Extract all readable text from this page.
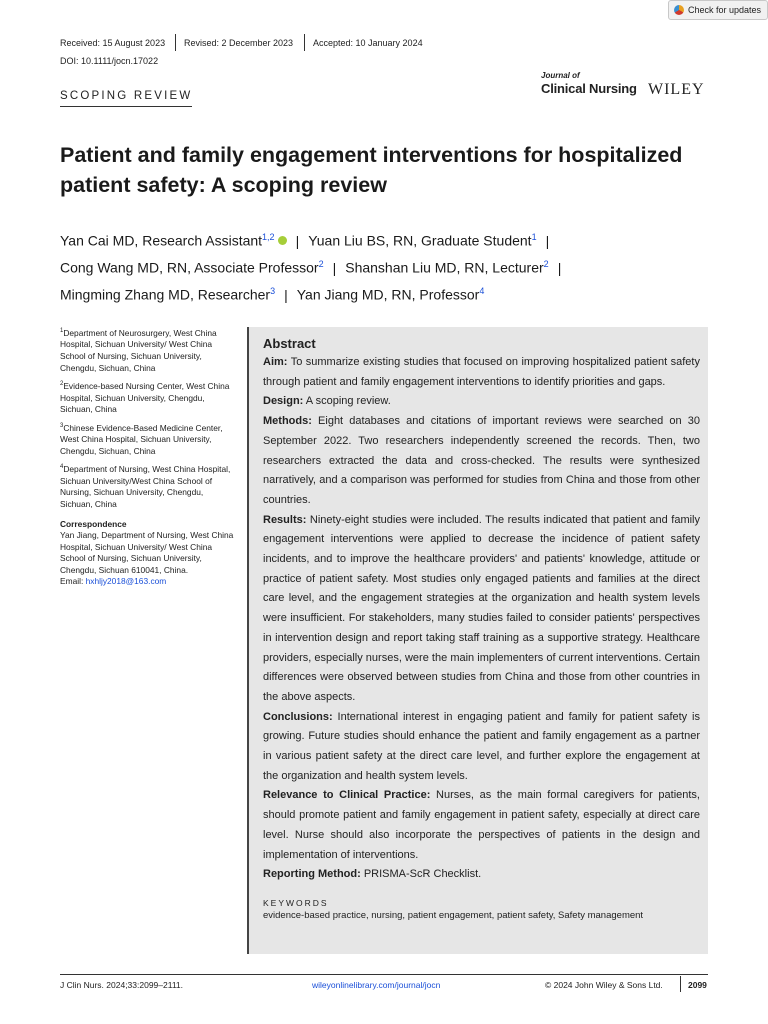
Check for updates
Received: 15 August 2023 Revised: 2 December 2023 Accepted: 10 January 2024
DOI: 10.1111/jocn.17022
SCOPING REVIEW
Journal of
Clinical Nursing WILEY
Patient and family engagement interventions for hospitalized patient safety: A scoping review
Yan Cai MD, Research Assistant$^{1,2}$ | Yuan Liu BS, RN, Graduate Student$^1$ |
Cong Wang MD, RN, Associate Professor$^2$ | Shanshan Liu MD, RN, Lecturer$^2$ |
Mingming Zhang MD, Researcher$^3$ | Yan Jiang MD, RN, Professor$^4$

$^1$Department of Neurosurgery, West China Hospital, Sichuan University/ West China School of Nursing, Sichuan University, Chengdu, Sichuan, China

$^2$Evidence-based Nursing Center, West China Hospital, Sichuan University, Chengdu, Sichuan, China

$^3$Chinese Evidence-Based Medicine Center, West China Hospital, Sichuan University, Chengdu, Sichuan, China

$^4$Department of Nursing, West China Hospital, Sichuan University/West China School of Nursing, Sichuan University, Chengdu, Sichuan, China

Correspondence

Yan Jiang, Department of Nursing, West China Hospital, Sichuan University/ West China School of Nursing, Sichuan University, Chengdu, Sichuan 610041, China.
Email: hxhljy2018@163.com

Abstract

Aim: To summarize existing studies that focused on improving hospitalized patient safety through patient and family engagement interventions to identify priorities and gaps.

Design: A scoping review.

Methods: Eight databases and citations of important reviews were searched on 30 September 2022. Two researchers independently screened the records. Then, two researchers extracted the data and cross-checked. The results were synthesized narratively, and a comparison was performed for studies from China and those from other countries.

Results: Ninety-eight studies were included. The results indicated that patient and family engagement interventions were applied to decrease the incidence of patient safety incidents, and to improve the healthcare providers' and patients' knowledge, attitude or practice of patient safety. Most studies only engaged patients and families at the direct care level, and the engagement strategies at the organization and health system levels were insufficient. For stakeholders, many studies failed to consider patients' perspectives in intervention design and report taking staff training as a supportive strategy. Healthcare providers, especially nurses, were the main implementers of current interventions. Certain differences were observed between studies from China and those from other countries in the above aspects.

Conclusions: International interest in engaging patient and family for patient safety is growing. Future studies should enhance the patient and family engagement as a partner in various patient safety at the direct care level, and further explore the engagement at the organization and health system levels.

Relevance to Clinical Practice: Nurses, as the main formal caregivers for patients, should promote patient and family engagement in patient safety, especially at direct care level. Nurse should also incorporate the perspectives of patients in the design and implementation of interventions.

Reporting Method: PRISMA-ScR Checklist.

KEYWORDS
evidence-based practice, nursing, patient engagement, patient safety, Safety management
J Clin Nurs. 2024;33:2099–2111.	wileyonlinelibrary.com/journal/jocn	© 2024 John Wiley & Sons Ltd.	2099
